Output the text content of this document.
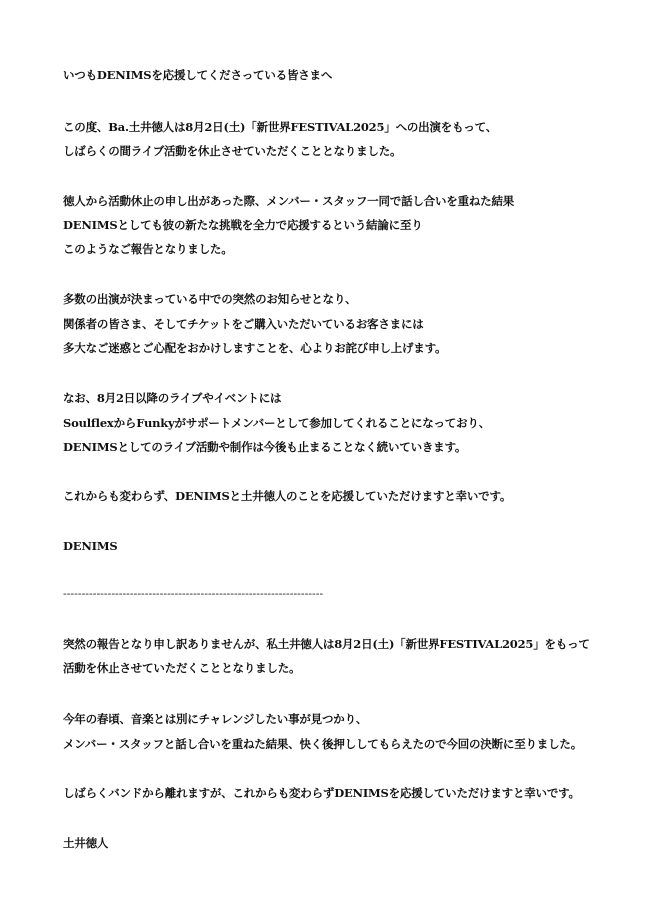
いつもDENIMSを応援してくださっている皆さまへ
この度、Ba.土井徳人は8月2日(土)「新世界FESTIVAL2025」への出演をもって、
しばらくの間ライブ活動を休止させていただくこととなりました。
徳人から活動休止の申し出があった際、メンバー・スタッフ一同で話し合いを重ねた結果
DENIMSとしても彼の新たな挑戦を全力で応援するという結論に至り
このようなご報告となりました。
多数の出演が決まっている中での突然のお知らせとなり、
関係者の皆さま、そしてチケットをご購入いただいているお客さまには
多大なご迷惑とご心配をおかけしますことを、心よりお詫び申し上げます。
なお、8月2日以降のライブやイベントには
SoulflexからFunkyがサポートメンバーとして参加してくれることになっており、
DENIMSとしてのライブ活動や制作は今後も止まることなく続いていきます。
これからも変わらず、DENIMSと土井徳人のことを応援していただけますと幸いです。
DENIMS
----------------------------------------------------------------------
突然の報告となり申し訳ありませんが、私土井徳人は8月2日(土)「新世界FESTIVAL2025」をもって
活動を休止させていただくこととなりました。
今年の春頃、音楽とは別にチャレンジしたい事が見つかり、
メンバー・スタッフと話し合いを重ねた結果、快く後押ししてもらえたので今回の決断に至りました。
しばらくバンドから離れますが、これからも変わらずDENIMSを応援していただけますと幸いです。
土井徳人
